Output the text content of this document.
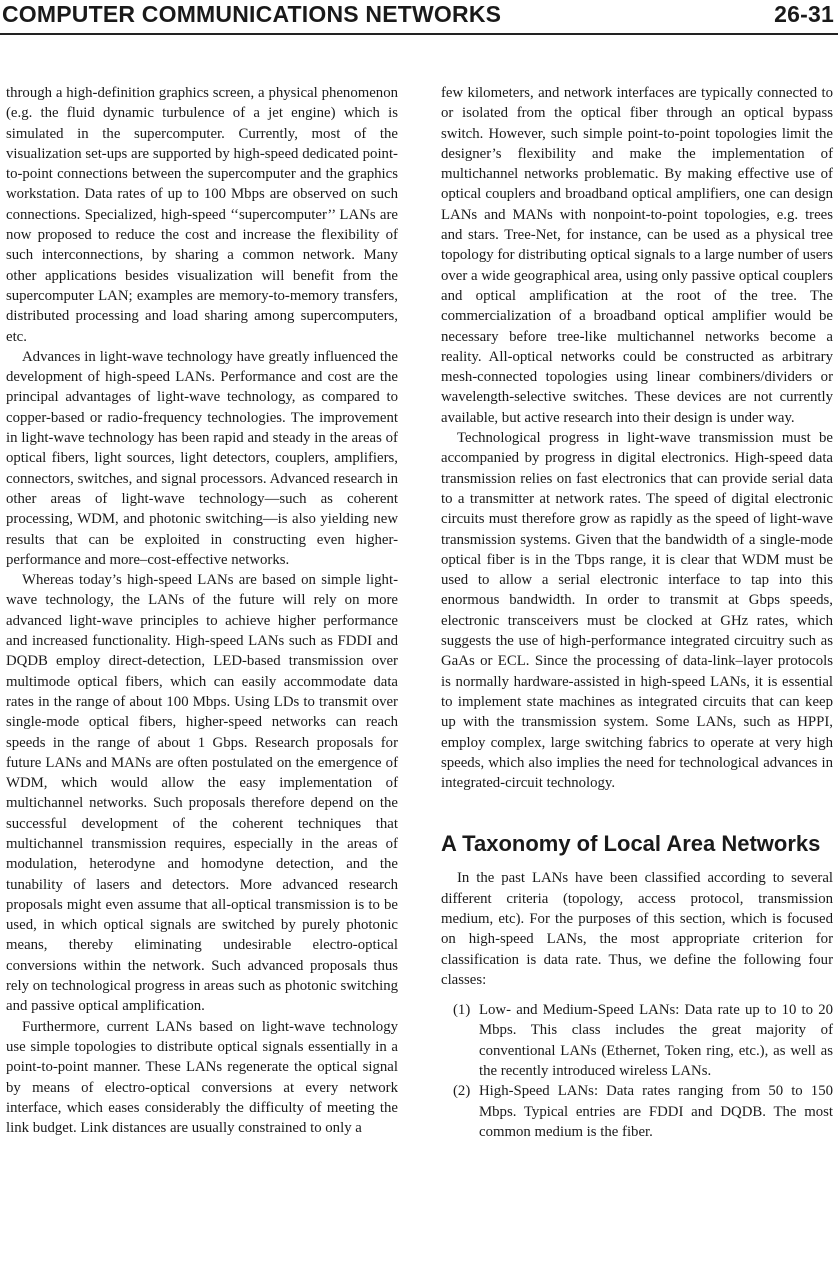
COMPUTER COMMUNICATIONS NETWORKS	26-31

through a high-definition graphics screen, a physical phenomenon (e.g. the fluid dynamic turbulence of a jet engine) which is simulated in the supercomputer. Currently, most of the visualization set-ups are supported by high-speed dedicated point-to-point connections between the supercomputer and the graphics workstation. Data rates of up to 100 Mbps are observed on such connections. Specialized, high-speed ‘‘supercomputer’’ LANs are now proposed to reduce the cost and increase the flexibility of such interconnections, by sharing a common network. Many other applications besides visualization will benefit from the supercomputer LAN; examples are memory-to-memory transfers, distributed processing and load sharing among supercomputers, etc.

Advances in light-wave technology have greatly influenced the development of high-speed LANs. Performance and cost are the principal advantages of light-wave technology, as compared to copper-based or radio-frequency technologies. The improvement in light-wave technology has been rapid and steady in the areas of optical fibers, light sources, light detectors, couplers, amplifiers, connectors, switches, and signal processors. Advanced research in other areas of light-wave technology—such as coherent processing, WDM, and photonic switching—is also yielding new results that can be exploited in constructing even higher-performance and more–cost-effective networks.

Whereas today’s high-speed LANs are based on simple light-wave technology, the LANs of the future will rely on more advanced light-wave principles to achieve higher performance and increased functionality. High-speed LANs such as FDDI and DQDB employ direct-detection, LED-based transmission over multimode optical fibers, which can easily accommodate data rates in the range of about 100 Mbps. Using LDs to transmit over single-mode optical fibers, higher-speed networks can reach speeds in the range of about 1 Gbps. Research proposals for future LANs and MANs are often postulated on the emergence of WDM, which would allow the easy implementation of multichannel networks. Such proposals therefore depend on the successful development of the coherent techniques that multichannel transmission requires, especially in the areas of modulation, heterodyne and homodyne detection, and the tunability of lasers and detectors. More advanced research proposals might even assume that all-optical transmission is to be used, in which optical signals are switched by purely photonic means, thereby eliminating undesirable electro-optical conversions within the network. Such advanced proposals thus rely on technological progress in areas such as photonic switching and passive optical amplification.

Furthermore, current LANs based on light-wave technology use simple topologies to distribute optical signals essentially in a point-to-point manner. These LANs regenerate the optical signal by means of electro-optical conversions at every network interface, which eases considerably the difficulty of meeting the link budget. Link distances are usually constrained to only a

few kilometers, and network interfaces are typically connected to or isolated from the optical fiber through an optical bypass switch. However, such simple point-to-point topologies limit the designer’s flexibility and make the implementation of multichannel networks problematic. By making effective use of optical couplers and broadband optical amplifiers, one can design LANs and MANs with nonpoint-to-point topologies, e.g. trees and stars. Tree-Net, for instance, can be used as a physical tree topology for distributing optical signals to a large number of users over a wide geographical area, using only passive optical couplers and optical amplification at the root of the tree. The commercialization of a broadband optical amplifier would be necessary before tree-like multichannel networks become a reality. All-optical networks could be constructed as arbitrary mesh-connected topologies using linear combiners/dividers or wavelength-selective switches. These devices are not currently available, but active research into their design is under way.

Technological progress in light-wave transmission must be accompanied by progress in digital electronics. High-speed data transmission relies on fast electronics that can provide serial data to a transmitter at network rates. The speed of digital electronic circuits must therefore grow as rapidly as the speed of light-wave transmission systems. Given that the bandwidth of a single-mode optical fiber is in the Tbps range, it is clear that WDM must be used to allow a serial electronic interface to tap into this enormous bandwidth. In order to transmit at Gbps speeds, electronic transceivers must be clocked at GHz rates, which suggests the use of high-performance integrated circuitry such as GaAs or ECL. Since the processing of data-link–layer protocols is normally hardware-assisted in high-speed LANs, it is essential to implement state machines as integrated circuits that can keep up with the transmission system. Some LANs, such as HPPI, employ complex, large switching fabrics to operate at very high speeds, which also implies the need for technological advances in integrated-circuit technology.

A Taxonomy of Local Area Networks

In the past LANs have been classified according to several different criteria (topology, access protocol, transmission medium, etc). For the purposes of this section, which is focused on high-speed LANs, the most appropriate criterion for classification is data rate. Thus, we define the following four classes:

(1) Low- and Medium-Speed LANs: Data rate up to 10 to 20 Mbps. This class includes the great majority of conventional LANs (Ethernet, Token ring, etc.), as well as the recently introduced wireless LANs.
(2) High-Speed LANs: Data rates ranging from 50 to 150 Mbps. Typical entries are FDDI and DQDB. The most common medium is the fiber.
